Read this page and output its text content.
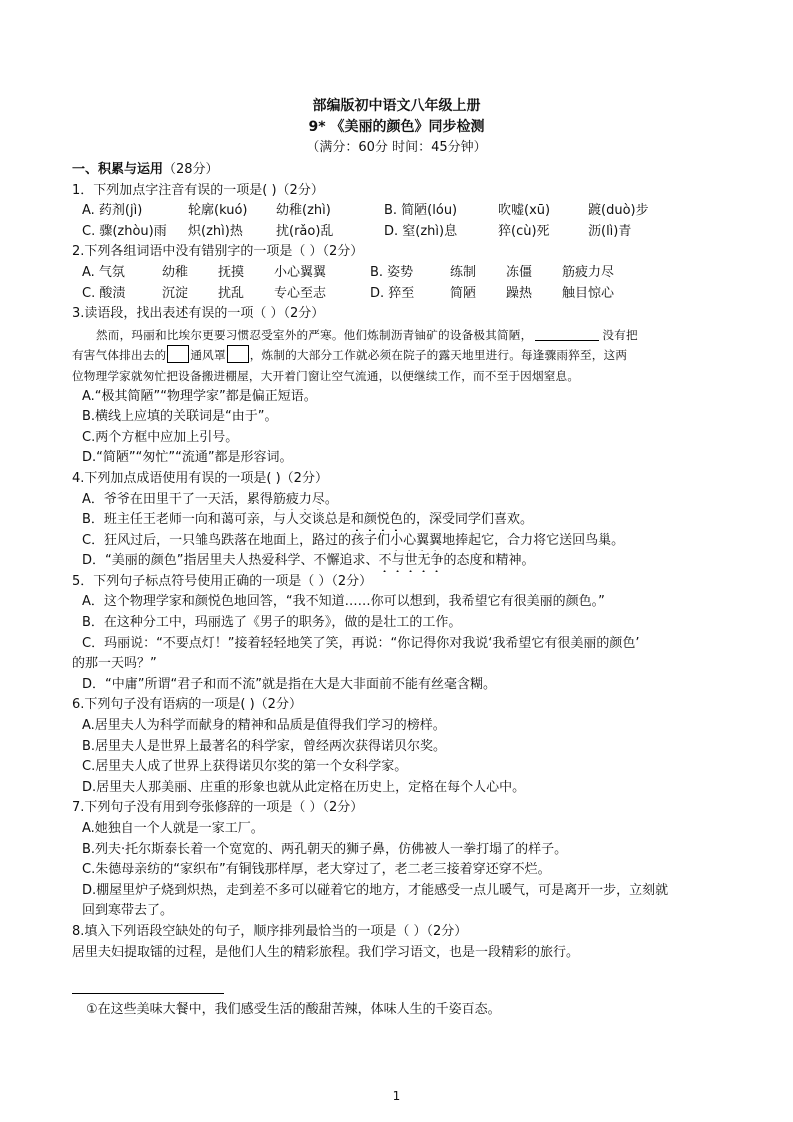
部编版初中语文八年级上册
9* 《美丽的颜色》同步检测
（满分：60分 时间：45分钟）
一、积累与运用（28分）
1．下列加点字注音有误的一项是( )（2分）
A. 药剂(jì)	轮廓(kuó)	幼稚(zhì)	B. 简陋(lóu)	吹嘘(xū)	踱(duò)步
C. 骤(zhòu)雨	炽(zhì)热	扰(rǎo)乱	D. 窒(zhì)息	猝(cù)死	沥(lì)青
2.下列各组词语中没有错别字的一项是（ ）（2分）
A. 气氛	幼稚	抚摸	小心翼翼	B. 姿势	练制	冻僵	筋疲力尽
C. 酸渍	沉淀	扰乱	专心至志	D. 猝至	简陋	躁热	触目惊心
3.读语段，找出表述有误的一项（ ）（2分）
然而，玛丽和比埃尔更要习惯忍受室外的严寒。他们炼制沥青铀矿的设备极其简陋，	没有把
有害气体排出去的 通风罩 ，炼制的大部分工作就必须在院子的露天地里进行。每逢骤雨猝至，这两
位物理学家就匆忙把设备搬进棚屋，大开着门窗让空气流通，以便继续工作，而不至于因烟窒息。
A.“极其简陋”“物理学家”都是偏正短语。
B.横线上应填的关联词是“由于”。
C.两个方框中应加上引号。
D.“简陋”“匆忙”“流通”都是形容词。
4.下列加点成语使用有误的一项是( )（2分）
A．爷爷在田里干了一天活，累得筋疲力尽。
B．班主任王老师一向和蔼可亲，与人交谈总是和颜悦色的，深受同学们喜欢。
C．狂风过后，一只雏鸟跌落在地面上，路过的孩子们小心翼翼地捧起它，合力将它送回鸟巢。
D．“美丽的颜色”指居里夫人热爱科学、不懈追求、不与世无争的态度和精神。
5．下列句子标点符号使用正确的一项是（ ）（2分）
A．这个物理学家和颜悦色地回答，“我不知道……你可以想到，我希望它有很美丽的颜色。”
B．在这种分工中，玛丽选了《男子的职务》，做的是壮工的工作。
C．玛丽说：“不要点灯！”接着轻轻地笑了笑，再说：“你记得你对我说‘我希望它有很美丽的颜色’
的那一天吗？”
D．“中庸”所谓“君子和而不流”就是指在大是大非面前不能有丝毫含糊。
6.下列句子没有语病的一项是( )（2分）
A.居里夫人为科学而献身的精神和品质是值得我们学习的榜样。
B.居里夫人是世界上最著名的科学家，曾经两次获得诺贝尔奖。
C.居里夫人成了世界上获得诺贝尔奖的第一个女科学家。
D.居里夫人那美丽、庄重的形象也就从此定格在历史上，定格在每个人心中。
7.下列句子没有用到夸张修辞的一项是（ ）（2分）
A.她独自一个人就是一家工厂。
B.列夫·托尔斯泰长着一个宽宽的、两孔朝天的狮子鼻，仿佛被人一拳打塌了的样子。
C.朱德母亲纺的“家织布”有铜钱那样厚，老大穿过了，老二老三接着穿还穿不烂。
D.棚屋里炉子烧到炽热，走到差不多可以碰着它的地方，才能感受一点儿暖气，可是离开一步，立刻就
回到寒带去了。
8.填入下列语段空缺处的句子，顺序排列最恰当的一项是（ ）（2分）
居里夫妇提取镭的过程，是他们人生的精彩旅程。我们学习语文，也是一段精彩的旅行。
①在这些美味大餐中，我们感受生活的酸甜苦辣，体味人生的千姿百态。
1
